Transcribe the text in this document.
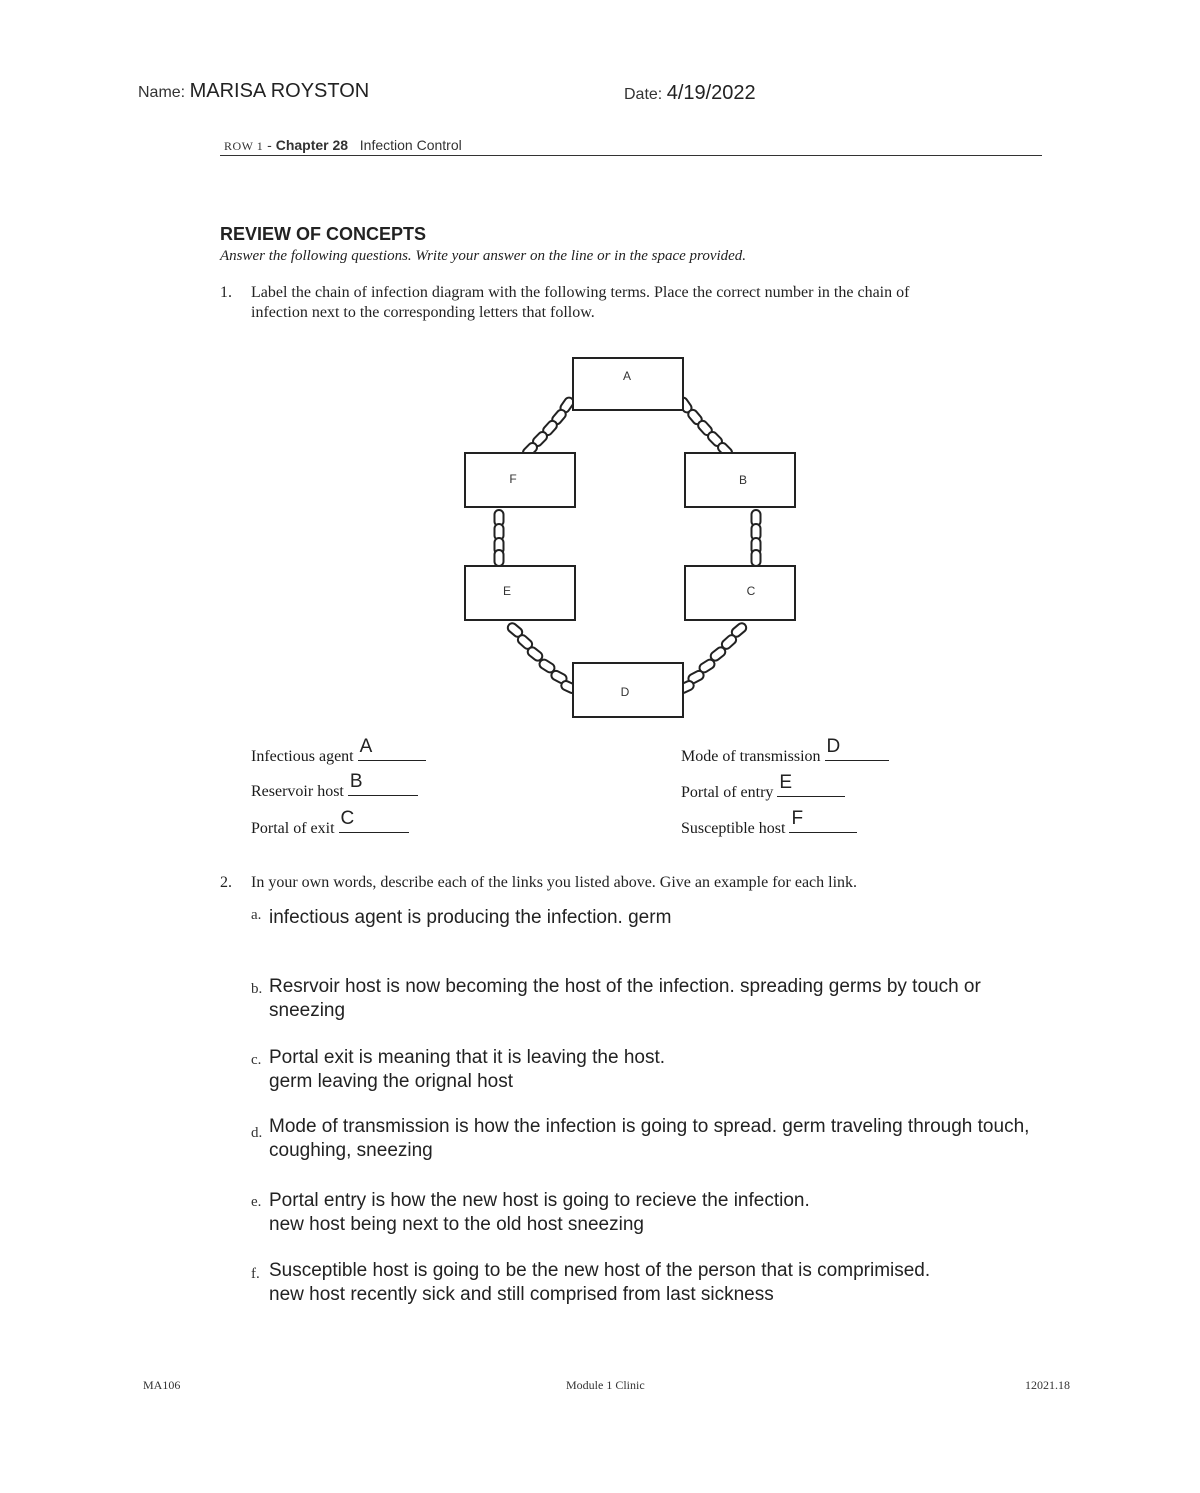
Name: MARISA ROYSTON	Date: 4/19/2022
ROW 1 - Chapter 28 Infection Control
REVIEW OF CONCEPTS
Answer the following questions. Write your answer on the line or in the space provided.
1. Label the chain of infection diagram with the following terms. Place the correct number in the chain of
infection next to the corresponding letters that follow.
A
F	B
E	C
D
Infectious agent A
Reservoir host B
Portal of exit C
Mode of transmission D
Portal of entry E
Susceptible host F
2. In your own words, describe each of the links you listed above. Give an example for each link.
a. infectious agent is producing the infection. germ
b. Resrvoir host is now becoming the host of the infection. spreading germs by touch or
sneezing
c. Portal exit is meaning that it is leaving the host.
germ leaving the orignal host
d. Mode of transmission is how the infection is going to spread. germ traveling through touch,
coughing, sneezing
e. Portal entry is how the new host is going to recieve the infection.
new host being next to the old host sneezing
f. Susceptible host is going to be the new host of the person that is comprimised.
new host recently sick and still comprised from last sickness
MA106	Module 1 Clinic	12021.18
